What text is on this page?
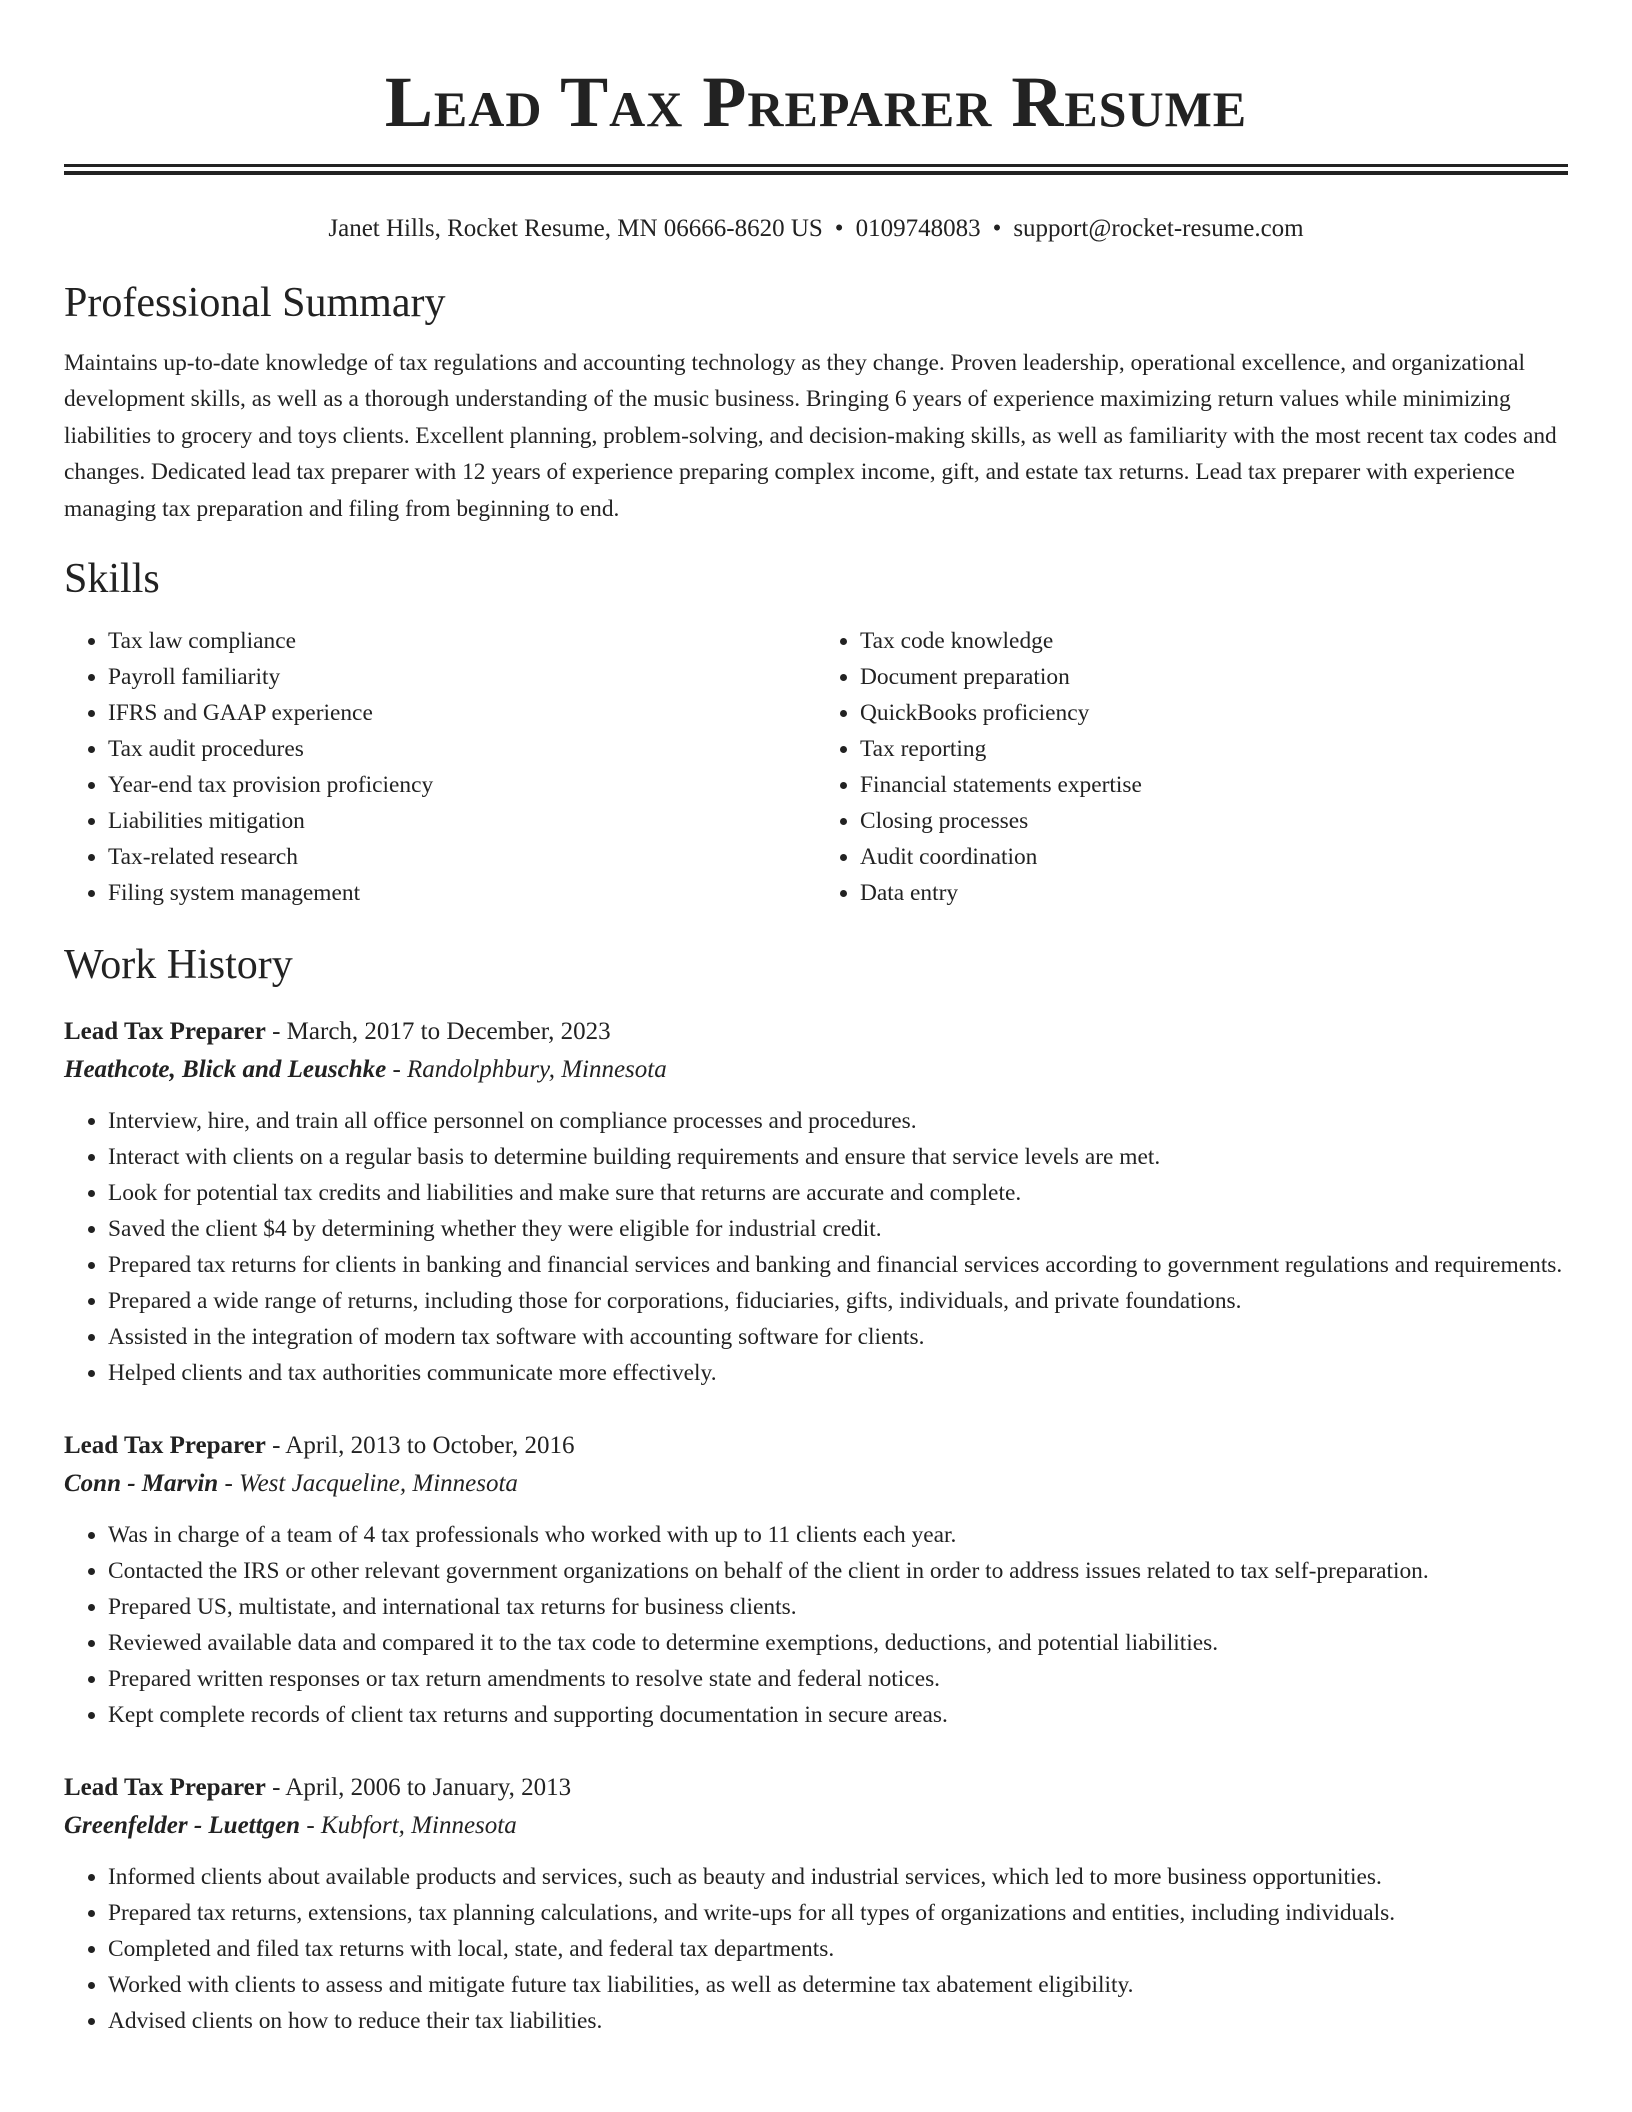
Lead Tax Preparer Resume
Janet Hills, Rocket Resume, MN 06666-8620 US • 0109748083 • support@rocket-resume.com
Professional Summary

Maintains up-to-date knowledge of tax regulations and accounting technology as they change. Proven leadership, operational excellence, and organizational development skills, as well as a thorough understanding of the music business. Bringing 6 years of experience maximizing return values while minimizing liabilities to grocery and toys clients. Excellent planning, problem-solving, and decision-making skills, as well as familiarity with the most recent tax codes and changes. Dedicated lead tax preparer with 12 years of experience preparing complex income, gift, and estate tax returns. Lead tax preparer with experience managing tax preparation and filing from beginning to end.

Skills
• Tax law compliance
• Payroll familiarity
• IFRS and GAAP experience
• Tax audit procedures
• Year-end tax provision proficiency
• Liabilities mitigation
• Tax-related research
• Filing system management
• Tax code knowledge
• Document preparation
• QuickBooks proficiency
• Tax reporting
• Financial statements expertise
• Closing processes
• Audit coordination
• Data entry
Work History

Lead Tax Preparer - March, 2017 to December, 2023

Heathcote, Blick and Leuschke - Randolphbury, Minnesota

• Interview, hire, and train all office personnel on compliance processes and procedures.
• Interact with clients on a regular basis to determine building requirements and ensure that service levels are met.
• Look for potential tax credits and liabilities and make sure that returns are accurate and complete.
• Saved the client $4 by determining whether they were eligible for industrial credit.
• Prepared tax returns for clients in banking and financial services and banking and financial services according to government regulations and requirements.
• Prepared a wide range of returns, including those for corporations, fiduciaries, gifts, individuals, and private foundations.
• Assisted in the integration of modern tax software with accounting software for clients.
• Helped clients and tax authorities communicate more effectively.

Lead Tax Preparer - April, 2013 to October, 2016

Conn - Marvin - West Jacqueline, Minnesota

• Was in charge of a team of 4 tax professionals who worked with up to 11 clients each year.
• Contacted the IRS or other relevant government organizations on behalf of the client in order to address issues related to tax self-preparation.
• Prepared US, multistate, and international tax returns for business clients.
• Reviewed available data and compared it to the tax code to determine exemptions, deductions, and potential liabilities.
• Prepared written responses or tax return amendments to resolve state and federal notices.
• Kept complete records of client tax returns and supporting documentation in secure areas.

Lead Tax Preparer - April, 2006 to January, 2013

Greenfelder - Luettgen - Kubfort, Minnesota

• Informed clients about available products and services, such as beauty and industrial services, which led to more business opportunities.
• Prepared tax returns, extensions, tax planning calculations, and write-ups for all types of organizations and entities, including individuals.
• Completed and filed tax returns with local, state, and federal tax departments.
• Worked with clients to assess and mitigate future tax liabilities, as well as determine tax abatement eligibility.
• Advised clients on how to reduce their tax liabilities.
